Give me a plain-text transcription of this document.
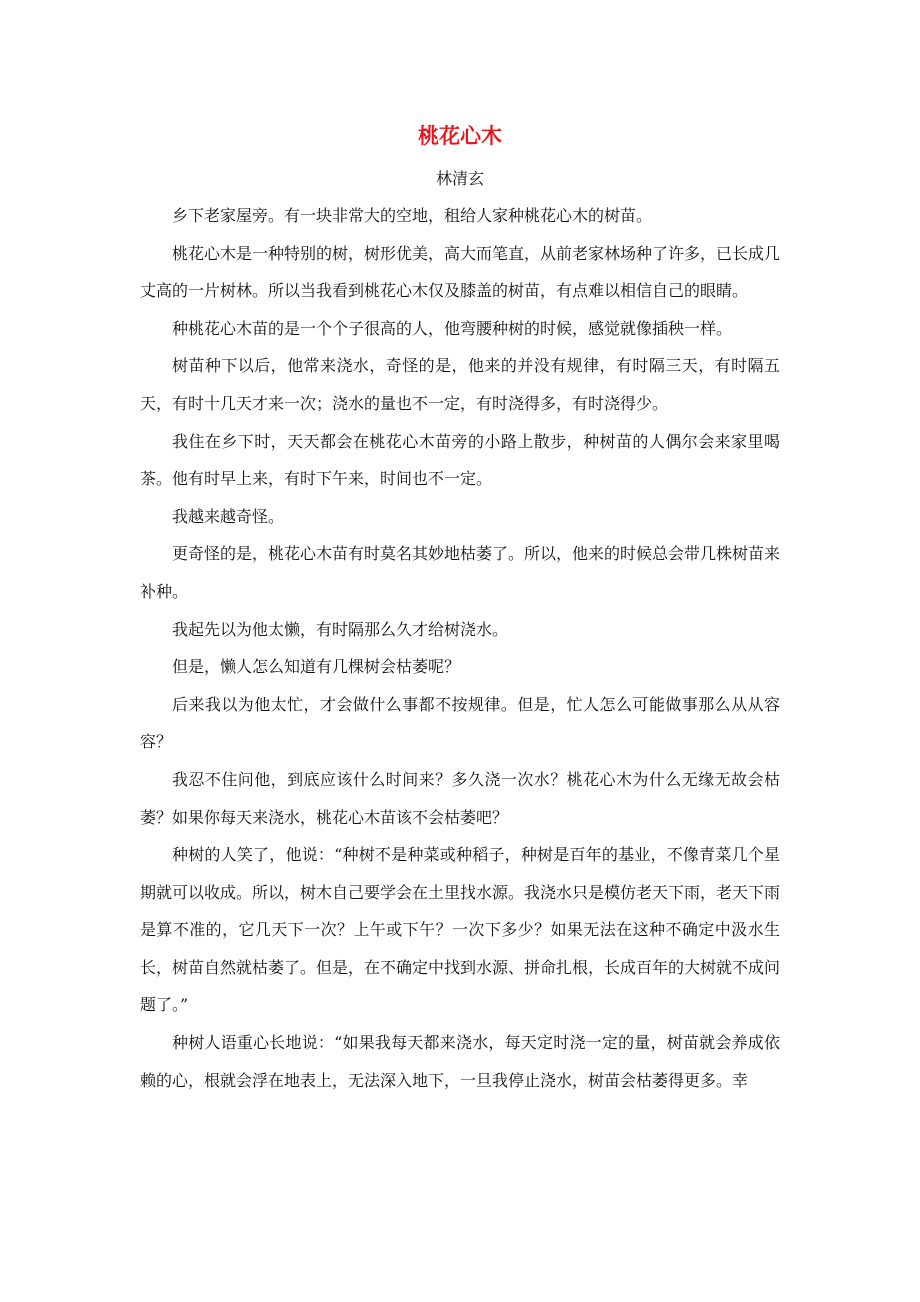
桃花心木
林清玄

乡下老家屋旁。有一块非常大的空地，租给人家种桃花心木的树苗。

桃花心木是一种特别的树，树形优美，高大而笔直，从前老家林场种了许多，已长成几丈高的一片树林。所以当我看到桃花心木仅及膝盖的树苗，有点难以相信自己的眼睛。

种桃花心木苗的是一个个子很高的人，他弯腰种树的时候，感觉就像插秧一样。

树苗种下以后，他常来浇水，奇怪的是，他来的并没有规律，有时隔三天，有时隔五天，有时十几天才来一次；浇水的量也不一定，有时浇得多，有时浇得少。

我住在乡下时，天天都会在桃花心木苗旁的小路上散步，种树苗的人偶尔会来家里喝茶。他有时早上来，有时下午来，时间也不一定。

我越来越奇怪。

更奇怪的是，桃花心木苗有时莫名其妙地枯萎了。所以，他来的时候总会带几株树苗来补种。

我起先以为他太懒，有时隔那么久才给树浇水。

但是，懒人怎么知道有几棵树会枯萎呢？

后来我以为他太忙，才会做什么事都不按规律。但是，忙人怎么可能做事那么从从容容？

我忍不住问他，到底应该什么时间来？多久浇一次水？桃花心木为什么无缘无故会枯萎？如果你每天来浇水，桃花心木苗该不会枯萎吧？

种树的人笑了，他说：“种树不是种菜或种稻子，种树是百年的基业，不像青菜几个星期就可以收成。所以，树木自己要学会在土里找水源。我浇水只是模仿老天下雨，老天下雨是算不准的，它几天下一次？上午或下午？一次下多少？如果无法在这种不确定中汲水生长，树苗自然就枯萎了。但是，在不确定中找到水源、拼命扎根，长成百年的大树就不成问题了。”

种树人语重心长地说：“如果我每天都来浇水，每天定时浇一定的量，树苗就会养成依赖的心，根就会浮在地表上，无法深入地下，一旦我停止浇水，树苗会枯萎得更多。幸
